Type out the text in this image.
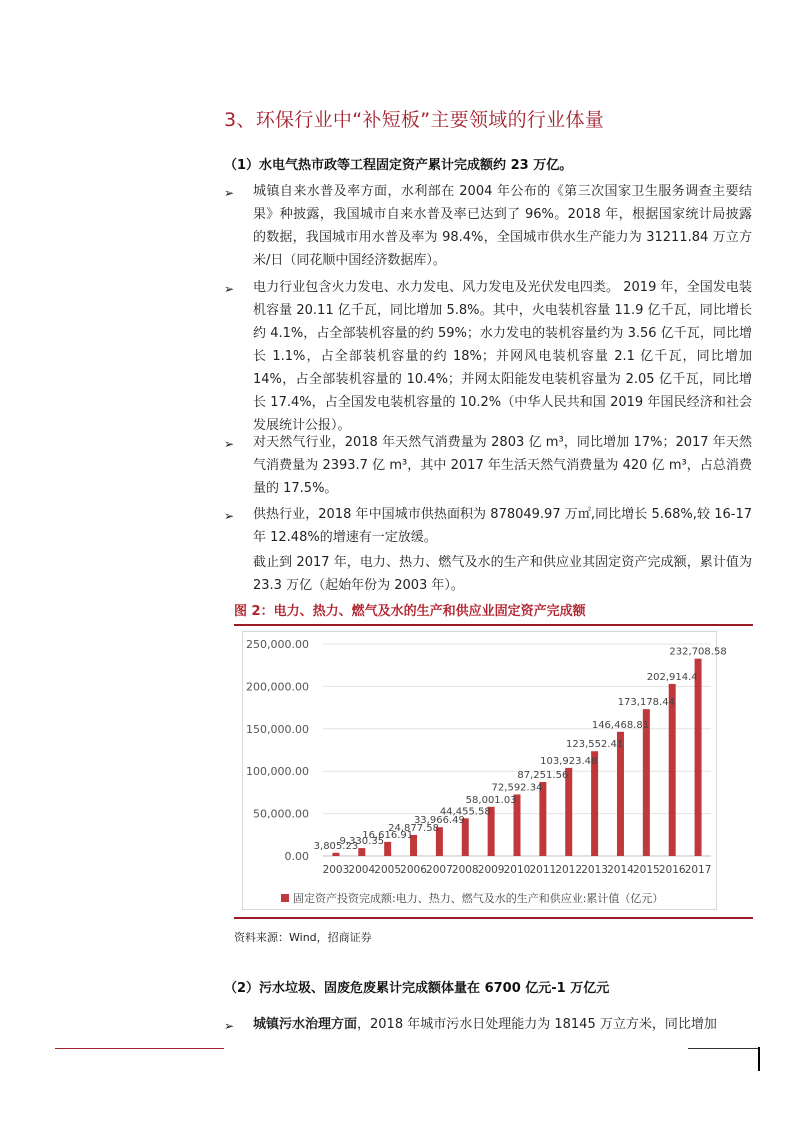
3、环保行业中“补短板”主要领域的行业体量
（1）水电气热市政等工程固定资产累计完成额约 23 万亿。
➢ 城镇自来水普及率方面，水利部在 2004 年公布的《第三次国家卫生服务调查主要结果》种披露，我国城市自来水普及率已达到了 96%。2018 年，根据国家统计局披露的数据，我国城市用水普及率为 98.4%，全国城市供水生产能力为 31211.84 万立方米/日（同花顺中国经济数据库）。
➢ 电力行业包含火力发电、水力发电、风力发电及光伏发电四类。 2019 年，全国发电装机容量 20.11 亿千瓦，同比增加 5.8%。其中，火电装机容量 11.9 亿千瓦，同比增长约 4.1%，占全部装机容量的约 59%；水力发电的装机容量约为 3.56 亿千瓦，同比增长 1.1%，占全部装机容量的约 18%；并网风电装机容量 2.1 亿千瓦，同比增加 14%，占全部装机容量的 10.4%；并网太阳能发电装机容量为 2.05 亿千瓦，同比增长 17.4%，占全国发电装机容量的 10.2%（中华人民共和国 2019 年国民经济和社会发展统计公报）。
➢ 对天然气行业，2018 年天然气消费量为 2803 亿 m³，同比增加 17%；2017 年天然气消费量为 2393.7 亿 m³，其中 2017 年生活天然气消费量为 420 亿 m³，占总消费量的 17.5%。
➢ 供热行业，2018 年中国城市供热面积为 878049.97 万㎡,同比增长 5.68%,较 16-17 年 12.48%的增速有一定放缓。
截止到 2017 年，电力、热力、燃气及水的生产和供应业其固定资产完成额，累计值为 23.3 万亿（起始年份为 2003 年）。
图 2：电力、热力、燃气及水的生产和供应业固定资产完成额
0.00
50,000.00
100,000.00
150,000.00
200,000.00
250,000.00
3,805.23
9,330.35
16,616.91
24,877.58
33,966.49
44,455.58
58,001.03
72,592.34
87,251.56
103,923.48
123,552.41
146,468.81
173,178.44
202,914.4
232,708.58
2003 2004 2005 2006 2007 2008 2009 2010 2011 2012 2013 2014 2015 2016 2017
固定资产投资完成额:电力、热力、燃气及水的生产和供应业:累计值（亿元）
资料来源：Wind，招商证券
（2）污水垃圾、固废危废累计完成额体量在 6700 亿元-1 万亿元
➢ 城镇污水治理方面，2018 年城市污水日处理能力为 18145 万立方米，同比增加
